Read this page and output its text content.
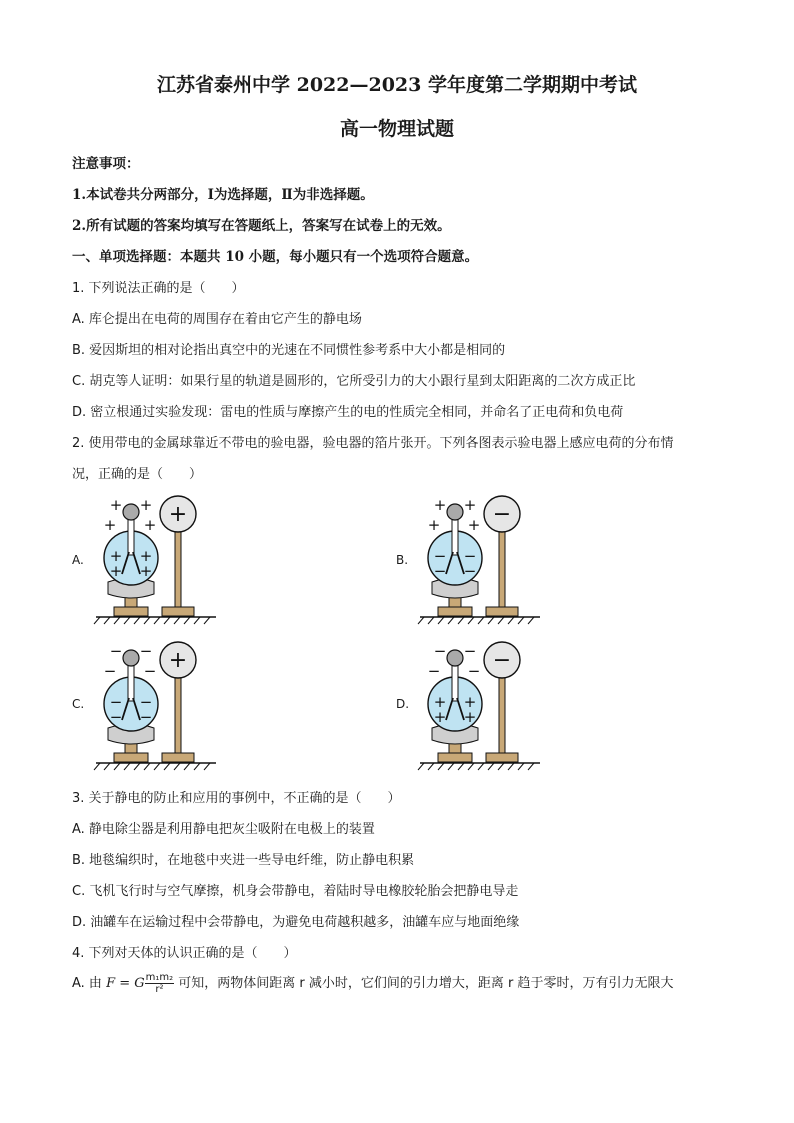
江苏省泰州中学 2022—2023 学年度第二学期期中考试
高一物理试题
注意事项：
1.本试卷共分两部分，Ⅰ为选择题，Ⅱ为非选择题。
2.所有试题的答案均填写在答题纸上，答案写在试卷上的无效。
一、单项选择题：本题共 10 小题，每小题只有一个选项符合题意。
1. 下列说法正确的是（　　）
A. 库仑提出在电荷的周围存在着由它产生的静电场
B. 爱因斯坦的相对论指出真空中的光速在不同惯性参考系中大小都是相同的
C. 胡克等人证明：如果行星的轨道是圆形的，它所受引力的大小跟行星到太阳距离的二次方成正比
D. 密立根通过实验发现：雷电的性质与摩擦产生的电的性质完全相同，并命名了正电荷和负电荷
2. 使用带电的金属球靠近不带电的验电器，验电器的箔片张开。下列各图表示验电器上感应电荷的分布情
况，正确的是（　　）
A.	B.
C.	D.
+
+ +
+ +
+ +
+ +
−
+ +
+ +
− −
− −
+
− −
− −
− −
− −
−
− −
− −
+ +
+ +
3. 关于静电的防止和应用的事例中，不正确的是（　　）
A. 静电除尘器是利用静电把灰尘吸附在电极上的装置
B. 地毯编织时，在地毯中夹进一些导电纤维，防止静电积累
C. 飞机飞行时与空气摩擦，机身会带静电，着陆时导电橡胶轮胎会把静电导走
D. 油罐车在运输过程中会带静电，为避免电荷越积越多，油罐车应与地面绝缘
4. 下列对天体的认识正确的是（　　）
A. 由 F = G $\frac{\text{m₁m₂}}{\text{r²}}$ 可知，两物体间距离 r 减小时，它们间的引力增大，距离 r 趋于零时，万有引力无限大
